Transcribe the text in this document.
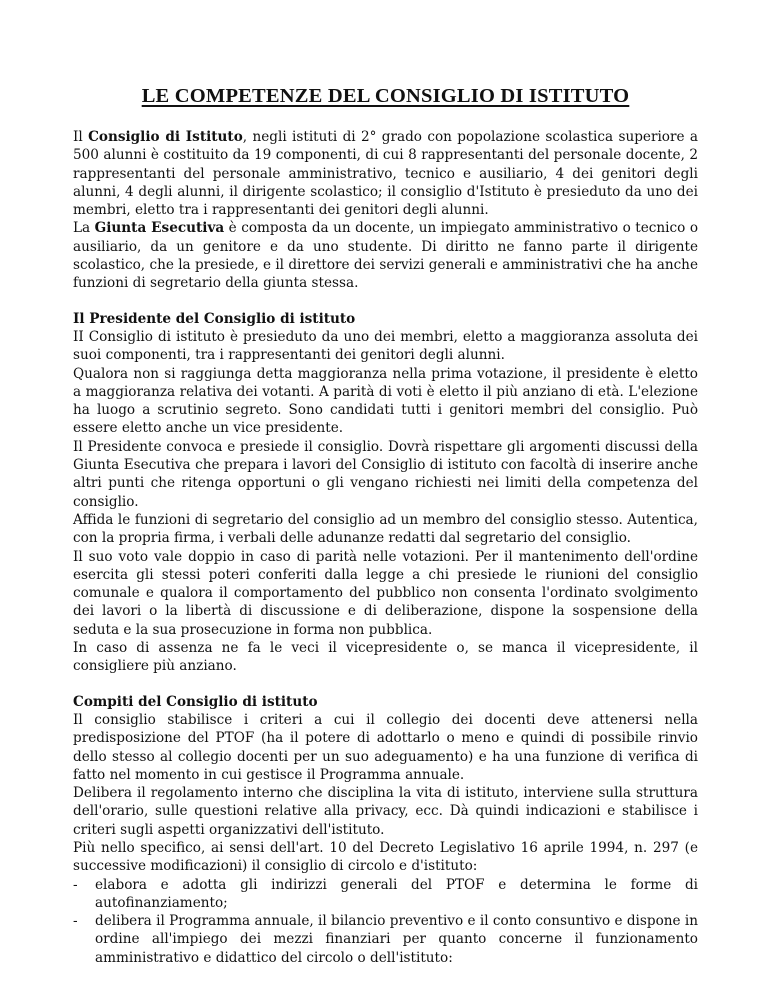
LE COMPETENZE DEL CONSIGLIO DI ISTITUTO

Il Consiglio di Istituto, negli istituti di 2° grado con popolazione scolastica superiore a 500 alunni è costituito da 19 componenti, di cui 8 rappresentanti del personale docente, 2 rappresentanti del personale amministrativo, tecnico e ausiliario, 4 dei genitori degli alunni, 4 degli alunni, il dirigente scolastico; il consiglio d'Istituto è presieduto da uno dei membri, eletto tra i rappresentanti dei genitori degli alunni.

La Giunta Esecutiva è composta da un docente, un impiegato amministrativo o tecnico o ausiliario, da un genitore e da uno studente. Di diritto ne fanno parte il dirigente scolastico, che la presiede, e il direttore dei servizi generali e amministrativi che ha anche funzioni di segretario della giunta stessa.

Il Presidente del Consiglio di istituto

II Consiglio di istituto è presieduto da uno dei membri, eletto a maggioranza assoluta dei suoi componenti, tra i rappresentanti dei genitori degli alunni.

Qualora non si raggiunga detta maggioranza nella prima votazione, il presidente è eletto a maggioranza relativa dei votanti. A parità di voti è eletto il più anziano di età. L'elezione ha luogo a scrutinio segreto. Sono candidati tutti i genitori membri del consiglio. Può essere eletto anche un vice presidente.

Il Presidente convoca e presiede il consiglio. Dovrà rispettare gli argomenti discussi della Giunta Esecutiva che prepara i lavori del Consiglio di istituto con facoltà di inserire anche altri punti che ritenga opportuni o gli vengano richiesti nei limiti della competenza del consiglio.

Affida le funzioni di segretario del consiglio ad un membro del consiglio stesso. Autentica, con la propria firma, i verbali delle adunanze redatti dal segretario del consiglio.

Il suo voto vale doppio in caso di parità nelle votazioni. Per il mantenimento dell'ordine esercita gli stessi poteri conferiti dalla legge a chi presiede le riunioni del consiglio comunale e qualora il comportamento del pubblico non consenta l'ordinato svolgimento dei lavori o la libertà di discussione e di deliberazione, dispone la sospensione della seduta e la sua prosecuzione in forma non pubblica.

In caso di assenza ne fa le veci il vicepresidente o, se manca il vicepresidente, il consigliere più anziano.

Compiti del Consiglio di istituto

Il consiglio stabilisce i criteri a cui il collegio dei docenti deve attenersi nella predisposizione del PTOF (ha il potere di adottarlo o meno e quindi di possibile rinvio dello stesso al collegio docenti per un suo adeguamento) e ha una funzione di verifica di fatto nel momento in cui gestisce il Programma annuale.

Delibera il regolamento interno che disciplina la vita di istituto, interviene sulla struttura dell'orario, sulle questioni relative alla privacy, ecc. Dà quindi indicazioni e stabilisce i criteri sugli aspetti organizzativi dell'istituto.

Più nello specifico, ai sensi dell'art. 10 del Decreto Legislativo 16 aprile 1994, n. 297 (e successive modificazioni) il consiglio di circolo e d'istituto:

- elabora e adotta gli indirizzi generali del PTOF e determina le forme di autofinanziamento;
- delibera il Programma annuale, il bilancio preventivo e il conto consuntivo e dispone in ordine all'impiego dei mezzi finanziari per quanto concerne il funzionamento amministrativo e didattico del circolo o dell'istituto:
